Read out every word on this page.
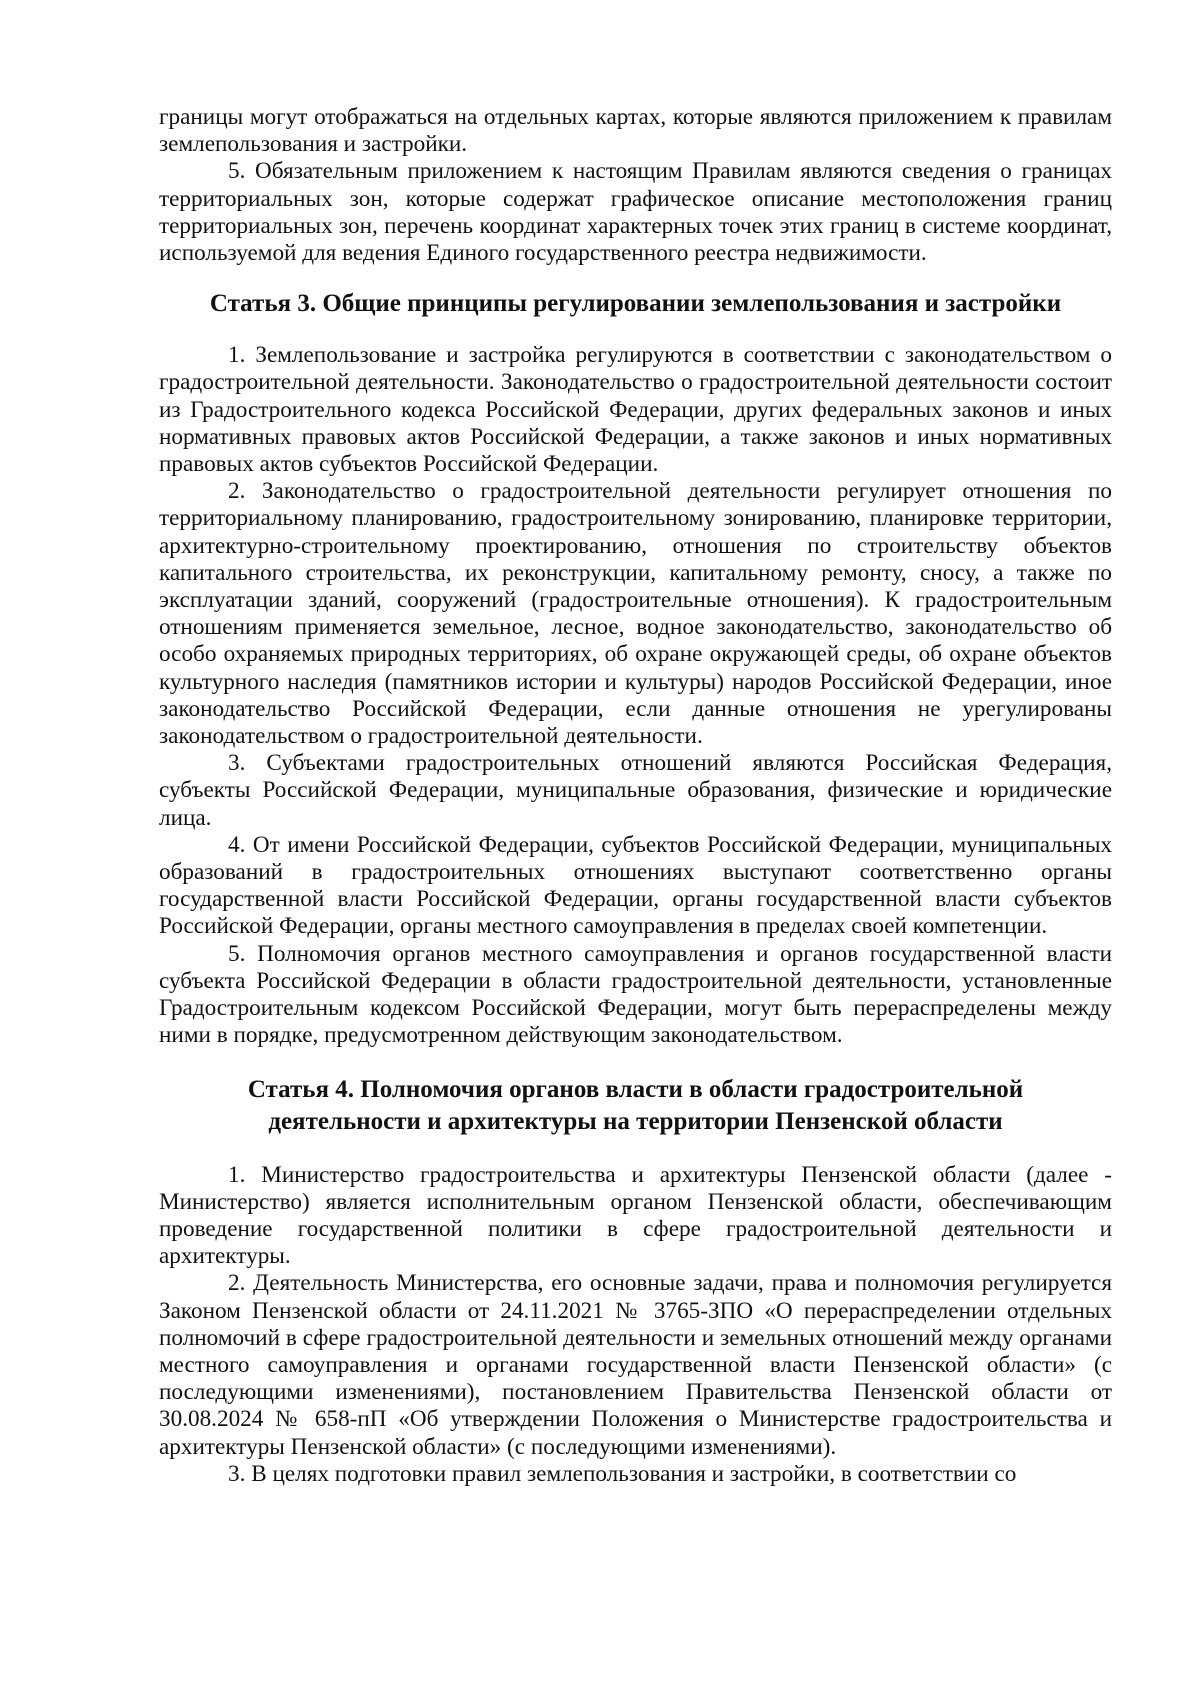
границы могут отображаться на отдельных картах, которые являются приложением к правилам землепользования и застройки.

5. Обязательным приложением к настоящим Правилам являются сведения о границах территориальных зон, которые содержат графическое описание местоположения границ территориальных зон, перечень координат характерных точек этих границ в системе координат, используемой для ведения Единого государственного реестра недвижимости.

Статья 3. Общие принципы регулировании землепользования и застройки

1. Землепользование и застройка регулируются в соответствии с законодательством о градостроительной деятельности. Законодательство о градостроительной деятельности состоит из Градостроительного кодекса Российской Федерации, других федеральных законов и иных нормативных правовых актов Российской Федерации, а также законов и иных нормативных правовых актов субъектов Российской Федерации.

2. Законодательство о градостроительной деятельности регулирует отношения по территориальному планированию, градостроительному зонированию, планировке территории, архитектурно-строительному проектированию, отношения по строительству объектов капитального строительства, их реконструкции, капитальному ремонту, сносу, а также по эксплуатации зданий, сооружений (градостроительные отношения). К градостроительным отношениям применяется земельное, лесное, водное законодательство, законодательство об особо охраняемых природных территориях, об охране окружающей среды, об охране объектов культурного наследия (памятников истории и культуры) народов Российской Федерации, иное законодательство Российской Федерации, если данные отношения не урегулированы законодательством о градостроительной деятельности.

3. Субъектами градостроительных отношений являются Российская Федерация, субъекты Российской Федерации, муниципальные образования, физические и юридические лица.

4. От имени Российской Федерации, субъектов Российской Федерации, муниципальных образований в градостроительных отношениях выступают соответственно органы государственной власти Российской Федерации, органы государственной власти субъектов Российской Федерации, органы местного самоуправления в пределах своей компетенции.

5. Полномочия органов местного самоуправления и органов государственной власти субъекта Российской Федерации в области градостроительной деятельности, установленные Градостроительным кодексом Российской Федерации, могут быть перераспределены между ними в порядке, предусмотренном действующим законодательством.

Статья 4. Полномочия органов власти в области градостроительной
деятельности и архитектуры на территории Пензенской области

1. Министерство градостроительства и архитектуры Пензенской области (далее - Министерство) является исполнительным органом Пензенской области, обеспечивающим проведение государственной политики в сфере градостроительной деятельности и архитектуры.

2. Деятельность Министерства, его основные задачи, права и полномочия регулируется Законом Пензенской области от 24.11.2021 № 3765-ЗПО «О перераспределении отдельных полномочий в сфере градостроительной деятельности и земельных отношений между органами местного самоуправления и органами государственной власти Пензенской области» (с последующими изменениями), постановлением Правительства Пензенской области от 30.08.2024 № 658-пП «Об утверждении Положения о Министерстве градостроительства и архитектуры Пензенской области» (с последующими изменениями).

3. В целях подготовки правил землепользования и застройки, в соответствии со
